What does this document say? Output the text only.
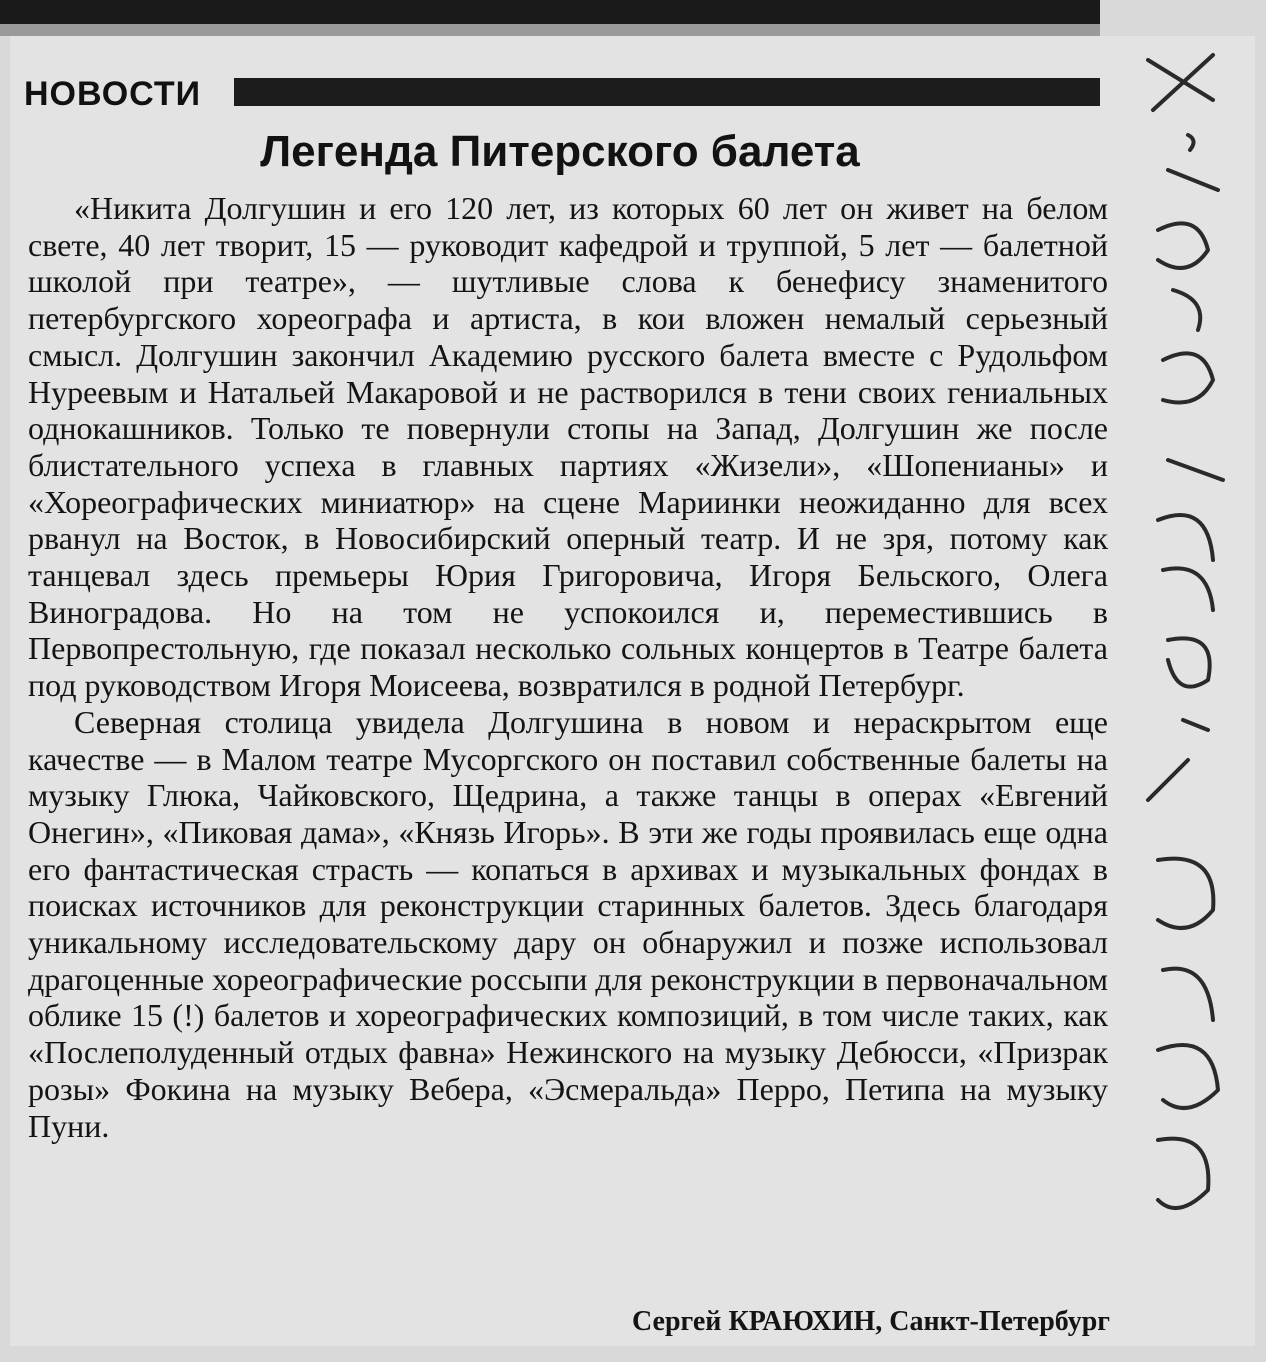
НОВОСТИ
Легенда Питерского балета

«Никита Долгушин и его 120 лет, из которых 60 лет он живет на белом свете, 40 лет творит, 15 — руководит кафедрой и труппой, 5 лет — балетной школой при театре», — шутливые слова к бенефису знаменитого петербургского хореографа и артиста, в кои вложен немалый серьезный смысл. Долгушин закончил Академию русского балета вместе с Рудольфом Нуреевым и Натальей Макаровой и не растворился в тени своих гениальных однокашников. Только те повернули стопы на Запад, Долгушин же после блистательного успеха в главных партиях «Жизели», «Шопенианы» и «Хореографических миниатюр» на сцене Мариинки неожиданно для всех рванул на Восток, в Новосибирский оперный театр. И не зря, потому как танцевал здесь премьеры Юрия Григоровича, Игоря Бельского, Олега Виноградова. Но на том не успокоился и, переместившись в Первопрестольную, где показал несколько сольных концертов в Театре балета под руководством Игоря Моисеева, возвратился в родной Петербург.

Северная столица увидела Долгушина в новом и нераскрытом еще качестве — в Малом театре Мусоргского он поставил собственные балеты на музыку Глюка, Чайковского, Щедрина, а также танцы в операх «Евгений Онегин», «Пиковая дама», «Князь Игорь». В эти же годы проявилась еще одна его фантастическая страсть — копаться в архивах и музыкальных фондах в поисках источников для реконструкции старинных балетов. Здесь благодаря уникальному исследовательскому дару он обнаружил и позже использовал драгоценные хореографические россыпи для реконструкции в первоначальном облике 15 (!) балетов и хореографических композиций, в том числе таких, как «Послеполуденный отдых фавна» Нежинского на музыку Дебюсси, «Призрак розы» Фокина на музыку Вебера, «Эсмеральда» Перро, Петипа на музыку Пуни.

Сергей КРАЮХИН, Санкт-Петербург
